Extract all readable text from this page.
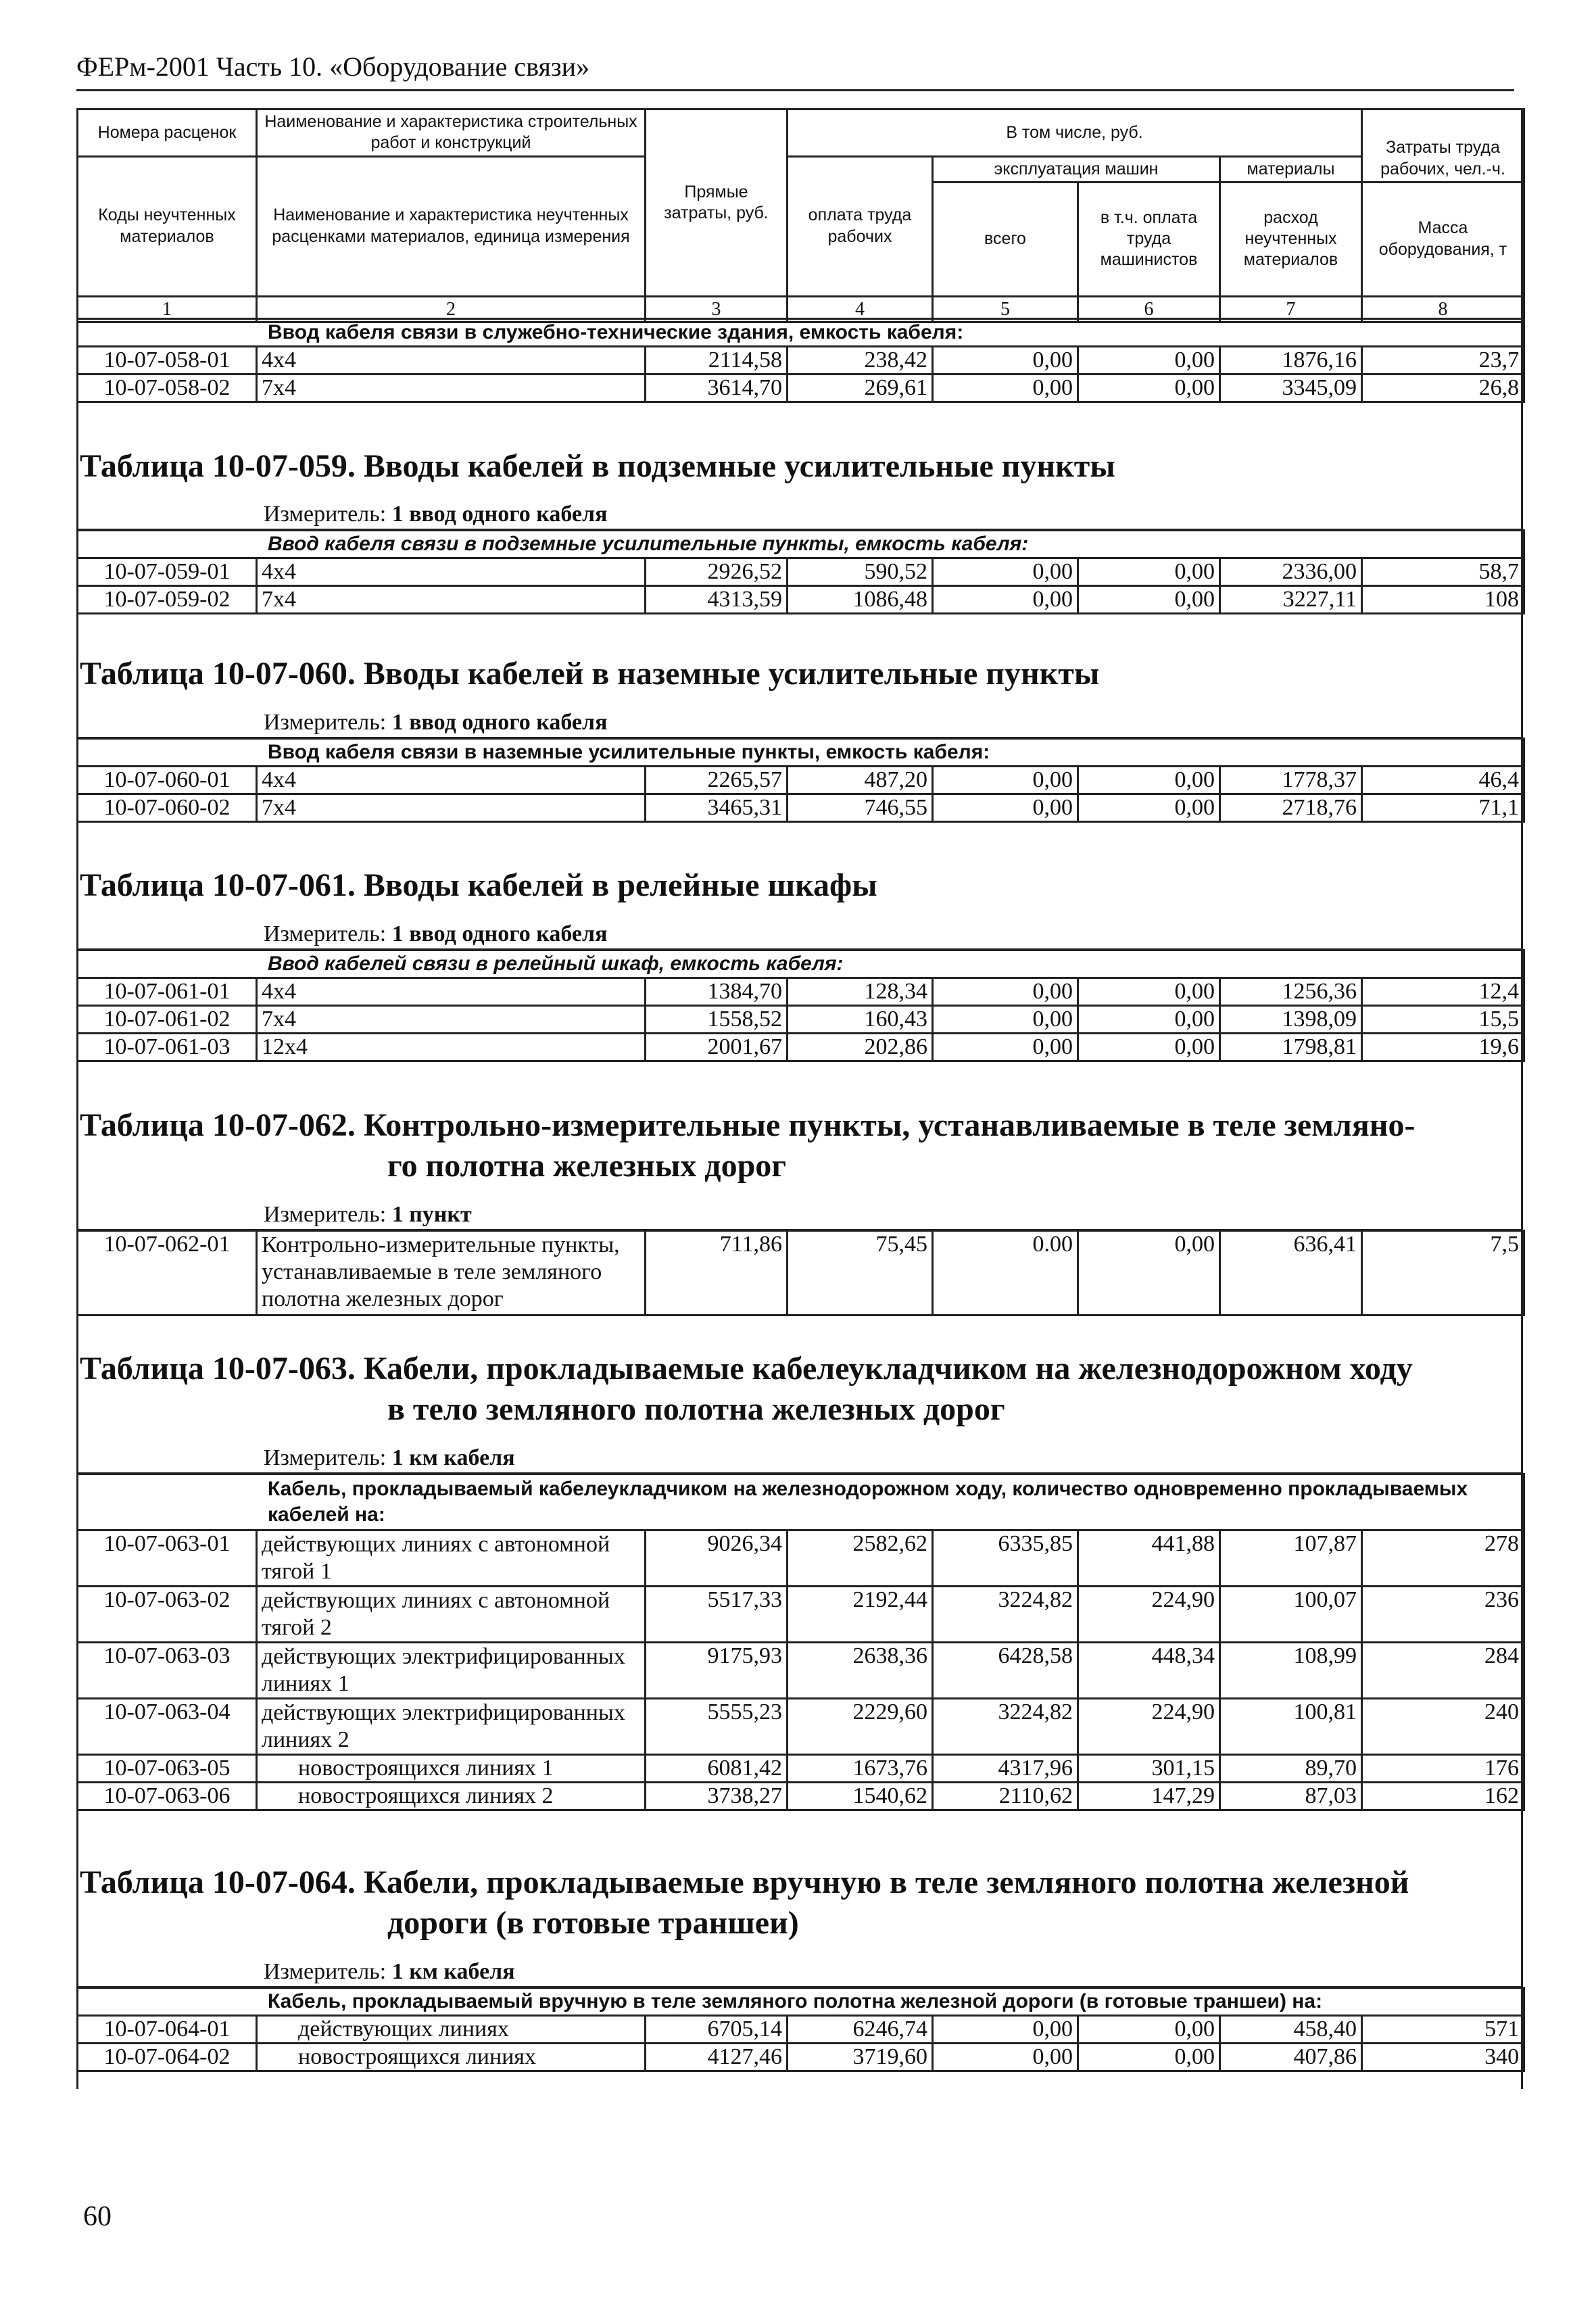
ФЕРм-2001 Часть 10. «Оборудование связи»
Номера расценок	Наименование и характеристика строительных работ и конструкций	Прямые затраты, руб.	В том числе, руб.				Затраты труда рабочих, чел.-ч.
Коды неучтенных материалов	Наименование и характеристика неучтенных расценками материалов, единица измерения		оплата труда рабочих	эксплуатация машин		материалы	
				всего	в т.ч. оплата труда машинистов	расход неучтенных материалов	Масса оборудования, т
1	2	3	4	5	6	7	8
Ввод кабеля связи в служебно-технические здания, емкость кабеля:							
10-07-058-01	4x4	2114,58	238,42	0,00	0,00	1876,16	23,7
10-07-058-02	7x4	3614,70	269,61	0,00	0,00	3345,09	26,8
Таблица 10-07-059. Вводы кабелей в подземные усилительные пункты
Измеритель: 1 ввод одного кабеля
Ввод кабеля связи в подземные усилительные пункты, емкость кабеля:							
10-07-059-01	4x4	2926,52	590,52	0,00	0,00	2336,00	58,7
10-07-059-02	7x4	4313,59	1086,48	0,00	0,00	3227,11	108
Таблица 10-07-060. Вводы кабелей в наземные усилительные пункты
Измеритель: 1 ввод одного кабеля
Ввод кабеля связи в наземные усилительные пункты, емкость кабеля:							
10-07-060-01	4x4	2265,57	487,20	0,00	0,00	1778,37	46,4
10-07-060-02	7x4	3465,31	746,55	0,00	0,00	2718,76	71,1
Таблица 10-07-061. Вводы кабелей в релейные шкафы
Измеритель: 1 ввод одного кабеля
Ввод кабелей связи в релейный шкаф, емкость кабеля:							
10-07-061-01	4x4	1384,70	128,34	0,00	0,00	1256,36	12,4
10-07-061-02	7x4	1558,52	160,43	0,00	0,00	1398,09	15,5
10-07-061-03	12x4	2001,67	202,86	0,00	0,00	1798,81	19,6
Таблица 10-07-062. Контрольно-измерительные пункты, устанавливаемые в теле земляно-
го полотна железных дорог
Измеритель: 1 пункт
10-07-062-01	Контрольно-измерительные пункты, устанавливаемые в теле земляного полотна железных дорог	711,86	75,45	0.00	0,00	636,41	7,5
Таблица 10-07-063. Кабели, прокладываемые кабелеукладчиком на железнодорожном ходу
в тело земляного полотна железных дорог
Измеритель: 1 км кабеля
Кабель, прокладываемый кабелеукладчиком на железнодорожном ходу, количество одновременно прокладываемых кабелей на:							
10-07-063-01	действующих линиях с автономной тягой 1	9026,34	2582,62	6335,85	441,88	107,87	278
10-07-063-02	действующих линиях с автономной тягой 2	5517,33	2192,44	3224,82	224,90	100,07	236
10-07-063-03	действующих электрифицированных линиях 1	9175,93	2638,36	6428,58	448,34	108,99	284
10-07-063-04	действующих электрифицированных линиях 2	5555,23	2229,60	3224,82	224,90	100,81	240
10-07-063-05	новостроящихся линиях 1	6081,42	1673,76	4317,96	301,15	89,70	176
10-07-063-06	новостроящихся линиях 2	3738,27	1540,62	2110,62	147,29	87,03	162
Таблица 10-07-064. Кабели, прокладываемые вручную в теле земляного полотна железной
дороги (в готовые траншеи)
Измеритель: 1 км кабеля
Кабель, прокладываемый вручную в теле земляного полотна железной дороги (в готовые траншеи) на:							
10-07-064-01	действующих линиях	6705,14	6246,74	0,00	0,00	458,40	571
10-07-064-02	новостроящихся линиях	4127,46	3719,60	0,00	0,00	407,86	340
60
